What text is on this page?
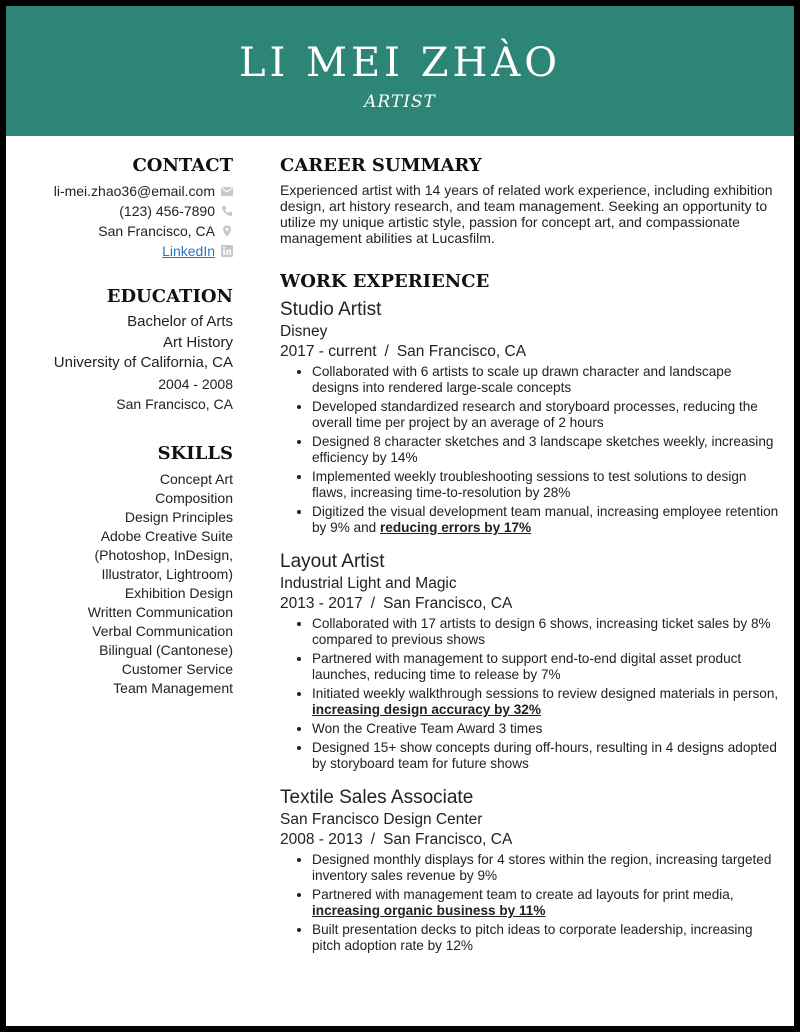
LI MEI ZHÀO
ARTIST
CONTACT
li-mei.zhao36@email.com
(123) 456-7890
San Francisco, CA
LinkedIn
EDUCATION
Bachelor of Arts
Art History
University of California, CA
2004 - 2008
San Francisco, CA
SKILLS
Concept Art
Composition
Design Principles
Adobe Creative Suite
(Photoshop, InDesign,
Illustrator, Lightroom)
Exhibition Design
Written Communication
Verbal Communication
Bilingual (Cantonese)
Customer Service
Team Management
CAREER SUMMARY
Experienced artist with 14 years of related work experience, including exhibition design, art history research, and team management. Seeking an opportunity to utilize my unique artistic style, passion for concept art, and compassionate management abilities at Lucasfilm.
WORK EXPERIENCE
Studio Artist
Disney
2017 - current / San Francisco, CA
• Collaborated with 6 artists to scale up drawn character and landscape designs into rendered large-scale concepts
• Developed standardized research and storyboard processes, reducing the overall time per project by an average of 2 hours
• Designed 8 character sketches and 3 landscape sketches weekly, increasing efficiency by 14%
• Implemented weekly troubleshooting sessions to test solutions to design flaws, increasing time-to-resolution by 28%
• Digitized the visual development team manual, increasing employee retention by 9% and reducing errors by 17%
Layout Artist
Industrial Light and Magic
2013 - 2017 / San Francisco, CA
• Collaborated with 17 artists to design 6 shows, increasing ticket sales by 8% compared to previous shows
• Partnered with management to support end-to-end digital asset product launches, reducing time to release by 7%
• Initiated weekly walkthrough sessions to review designed materials in person, increasing design accuracy by 32%
• Won the Creative Team Award 3 times
• Designed 15+ show concepts during off-hours, resulting in 4 designs adopted by storyboard team for future shows
Textile Sales Associate
San Francisco Design Center
2008 - 2013 / San Francisco, CA
• Designed monthly displays for 4 stores within the region, increasing targeted inventory sales revenue by 9%
• Partnered with management team to create ad layouts for print media, increasing organic business by 11%
• Built presentation decks to pitch ideas to corporate leadership, increasing pitch adoption rate by 12%
